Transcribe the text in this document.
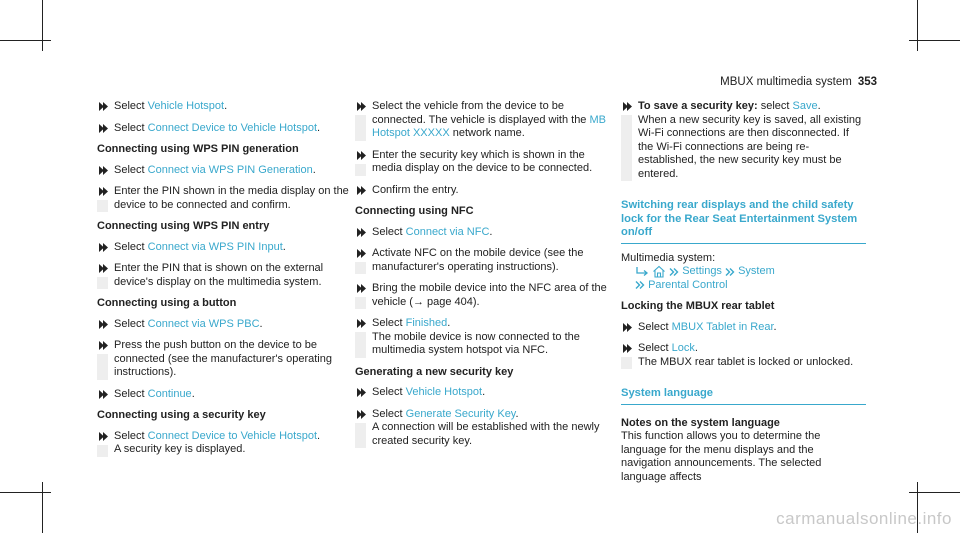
MBUX multimedia system 353
Select Vehicle Hotspot.
Select Connect Device to Vehicle Hotspot.
Connecting using WPS PIN generation
Select Connect via WPS PIN Generation.
Enter the PIN shown in the media display on the device to be connected and confirm.
Connecting using WPS PIN entry
Select Connect via WPS PIN Input.
Enter the PIN that is shown on the external device's display on the multimedia system.
Connecting using a button
Select Connect via WPS PBC.
Press the push button on the device to be connected (see the manufacturer's operating instructions).
Select Continue.
Connecting using a security key
Select Connect Device to Vehicle Hotspot.
A security key is displayed.
Select the vehicle from the device to be connected. The vehicle is displayed with the MB Hotspot XXXXX network name.
Enter the security key which is shown in the media display on the device to be connected.
Confirm the entry.
Connecting using NFC
Select Connect via NFC.
Activate NFC on the mobile device (see the manufacturer's operating instructions).
Bring the mobile device into the NFC area of the vehicle (→ page 404).
Select Finished.
The mobile device is now connected to the multimedia system hotspot via NFC.
Generating a new security key
Select Vehicle Hotspot.
Select Generate Security Key.
A connection will be established with the newly created security key.
To save a security key: select Save.
When a new security key is saved, all existing Wi-Fi connections are then disconnected. If the Wi-Fi connections are being re-established, the new security key must be entered.
Switching rear displays and the child safety lock for the Rear Seat Entertainment System on/off
Multimedia system:
Settings System
Parental Control
Locking the MBUX rear tablet
Select MBUX Tablet in Rear.
Select Lock.
The MBUX rear tablet is locked or unlocked.
System language
Notes on the system language
This function allows you to determine the language for the menu displays and the navigation announcements. The selected language affects
carmanualsonline.info
